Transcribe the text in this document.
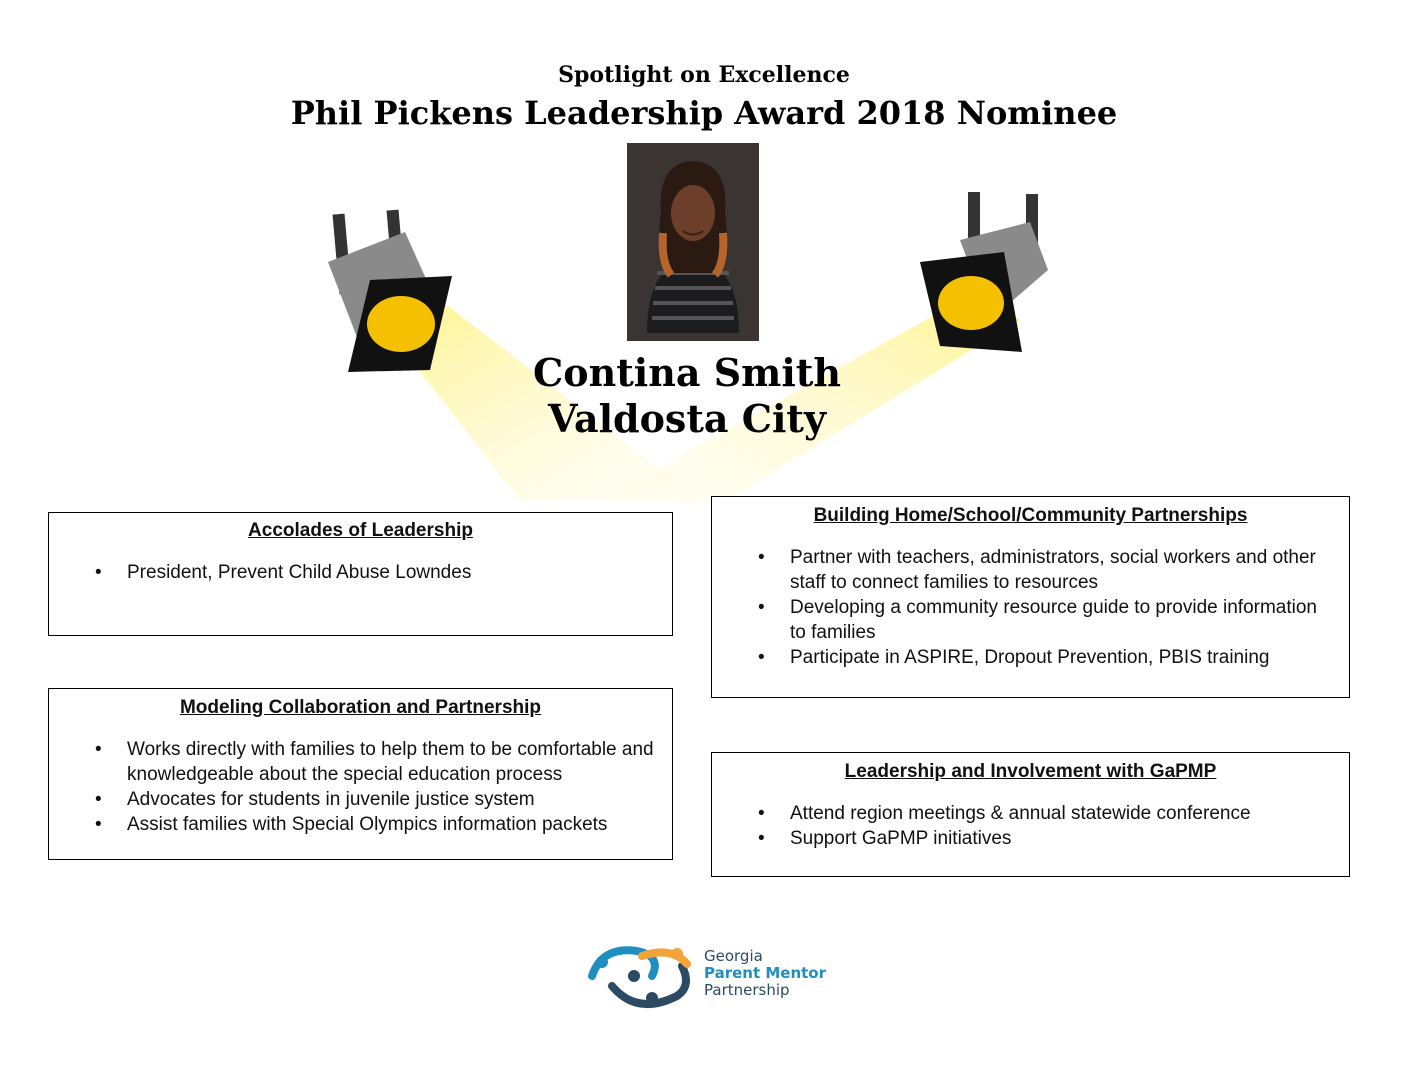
Spotlight on Excellence
Phil Pickens Leadership Award 2018 Nominee
Contina Smith
Valdosta City
Accolades of Leadership
• President, Prevent Child Abuse Lowndes
Modeling Collaboration and Partnership
• Works directly with families to help them to be comfortable and knowledgeable about the special education process
• Advocates for students in juvenile justice system
• Assist families with Special Olympics information packets
Building Home/School/Community Partnerships
• Partner with teachers, administrators, social workers and other staff to connect families to resources
• Developing a community resource guide to provide information to families
• Participate in ASPIRE, Dropout Prevention, PBIS training
Leadership and Involvement with GaPMP
• Attend region meetings & annual statewide conference
• Support GaPMP initiatives
Georgia
Parent Mentor
Partnership
